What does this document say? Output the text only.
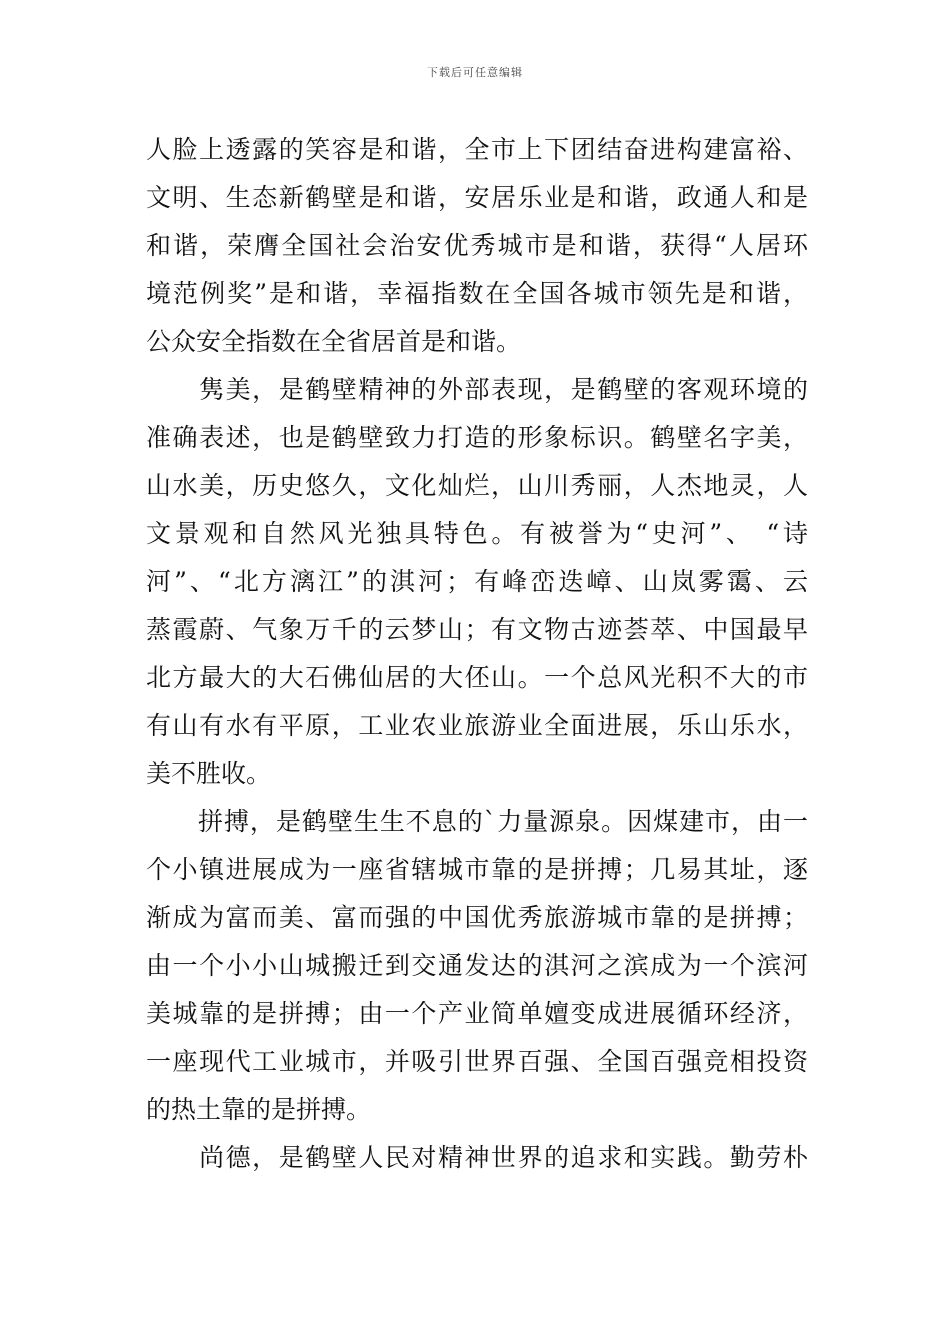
下载后可任意编辑
人脸上透露的笑容是和谐，全市上下团结奋进构建富裕、
文明、生态新鹤壁是和谐，安居乐业是和谐，政通人和是
和谐，荣膺全国社会治安优秀城市是和谐，获得“人居环
境范例奖”是和谐，幸福指数在全国各城市领先是和谐，
公众安全指数在全省居首是和谐。
　　隽美，是鹤壁精神的外部表现，是鹤壁的客观环境的
准确表述，也是鹤壁致力打造的形象标识。鹤壁名字美，
山水美，历史悠久，文化灿烂，山川秀丽，人杰地灵，人
文景观和自然风光独具特色。有被誉为“史河”、 “诗
河”、“北方漓江”的淇河；有峰峦迭嶂、山岚雾霭、云
蒸霞蔚、气象万千的云梦山；有文物古迹荟萃、中国最早
北方最大的大石佛仙居的大伾山。一个总风光积不大的市
有山有水有平原，工业农业旅游业全面进展，乐山乐水，
美不胜收。
　　拼搏，是鹤壁生生不息的`力量源泉。因煤建市，由一
个小镇进展成为一座省辖城市靠的是拼搏；几易其址，逐
渐成为富而美、富而强的中国优秀旅游城市靠的是拼搏；
由一个小小山城搬迁到交通发达的淇河之滨成为一个滨河
美城靠的是拼搏；由一个产业简单嬗变成进展循环经济，
一座现代工业城市，并吸引世界百强、全国百强竞相投资
的热土靠的是拼搏。
　　尚德，是鹤壁人民对精神世界的追求和实践。勤劳朴
